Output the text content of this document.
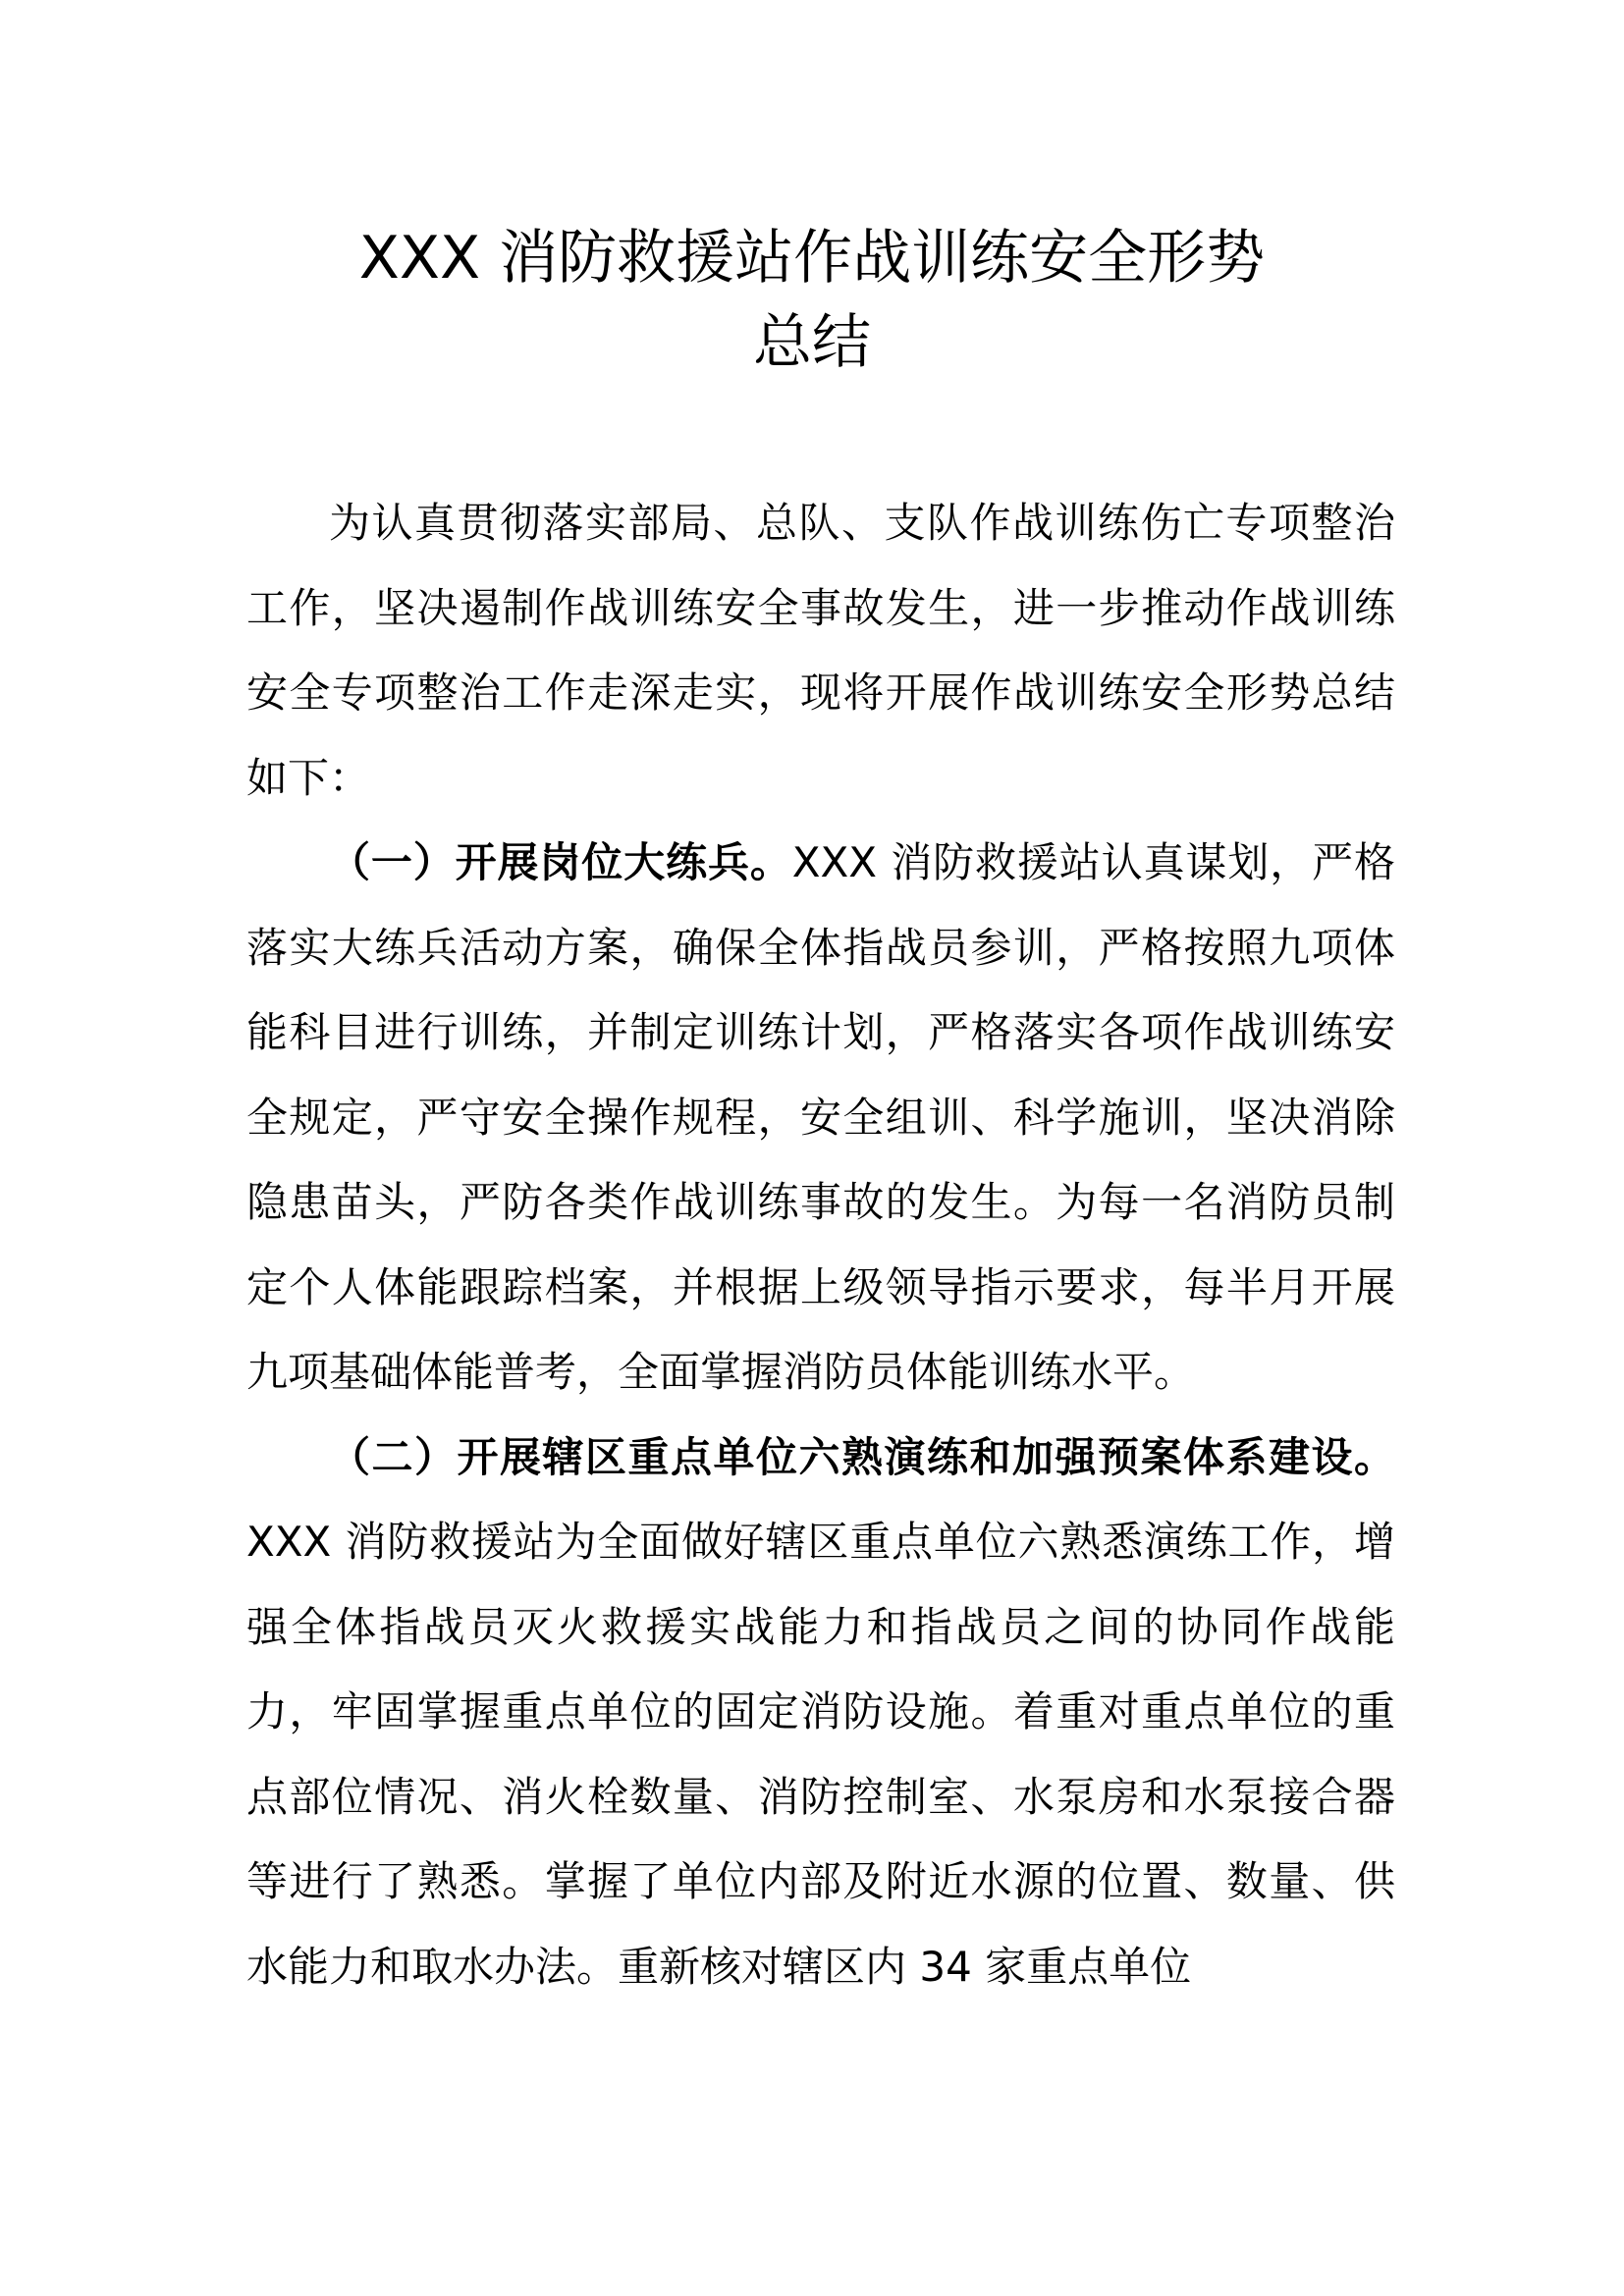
XXX 消防救援站作战训练安全形势
总结

为认真贯彻落实部局、总队、支队作战训练伤亡专项整治工作，坚决遏制作战训练安全事故发生，进一步推动作战训练安全专项整治工作走深走实，现将开展作战训练安全形势总结如下：

（一）开展岗位大练兵。XXX 消防救援站认真谋划，严格落实大练兵活动方案，确保全体指战员参训，严格按照九项体能科目进行训练，并制定训练计划，严格落实各项作战训练安全规定，严守安全操作规程，安全组训、科学施训，坚决消除隐患苗头，严防各类作战训练事故的发生。为每一名消防员制定个人体能跟踪档案，并根据上级领导指示要求，每半月开展九项基础体能普考，全面掌握消防员体能训练水平。

（二）开展辖区重点单位六熟演练和加强预案体系建设。XXX 消防救援站为全面做好辖区重点单位六熟悉演练工作，增强全体指战员灭火救援实战能力和指战员之间的协同作战能力，牢固掌握重点单位的固定消防设施。着重对重点单位的重点部位情况、消火栓数量、消防控制室、水泵房和水泵接合器等进行了熟悉。掌握了单位内部及附近水源的位置、数量、供水能力和取水办法。重新核对辖区内 34 家重点单位
